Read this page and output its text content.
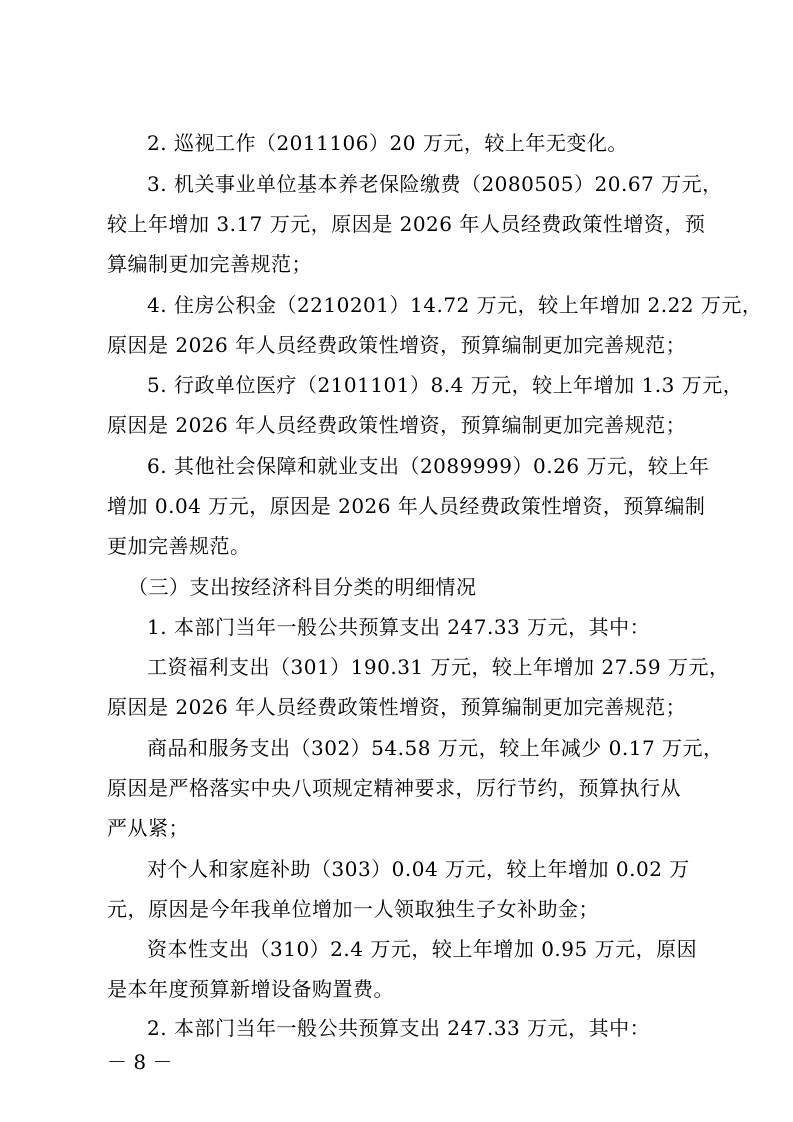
2. 巡视工作（2011106）20 万元，较上年无变化。
3. 机关事业单位基本养老保险缴费（2080505）20.67 万元，
较上年增加 3.17 万元，原因是 2026 年人员经费政策性增资，预
算编制更加完善规范；
4. 住房公积金（2210201）14.72 万元，较上年增加 2.22 万元，
原因是 2026 年人员经费政策性增资，预算编制更加完善规范；
5. 行政单位医疗（2101101）8.4 万元，较上年增加 1.3 万元，
原因是 2026 年人员经费政策性增资，预算编制更加完善规范；
6. 其他社会保障和就业支出（2089999）0.26 万元，较上年
增加 0.04 万元，原因是 2026 年人员经费政策性增资，预算编制
更加完善规范。
（三）支出按经济科目分类的明细情况
1. 本部门当年一般公共预算支出 247.33 万元，其中：
工资福利支出（301）190.31 万元，较上年增加 27.59 万元，
原因是 2026 年人员经费政策性增资，预算编制更加完善规范；
商品和服务支出（302）54.58 万元，较上年减少 0.17 万元，
原因是严格落实中央八项规定精神要求，厉行节约，预算执行从
严从紧；
对个人和家庭补助（303）0.04 万元，较上年增加 0.02 万
元，原因是今年我单位增加一人领取独生子女补助金；
资本性支出（310）2.4 万元，较上年增加 0.95 万元，原因
是本年度预算新增设备购置费。
2. 本部门当年一般公共预算支出 247.33 万元，其中：
－ 8 －
